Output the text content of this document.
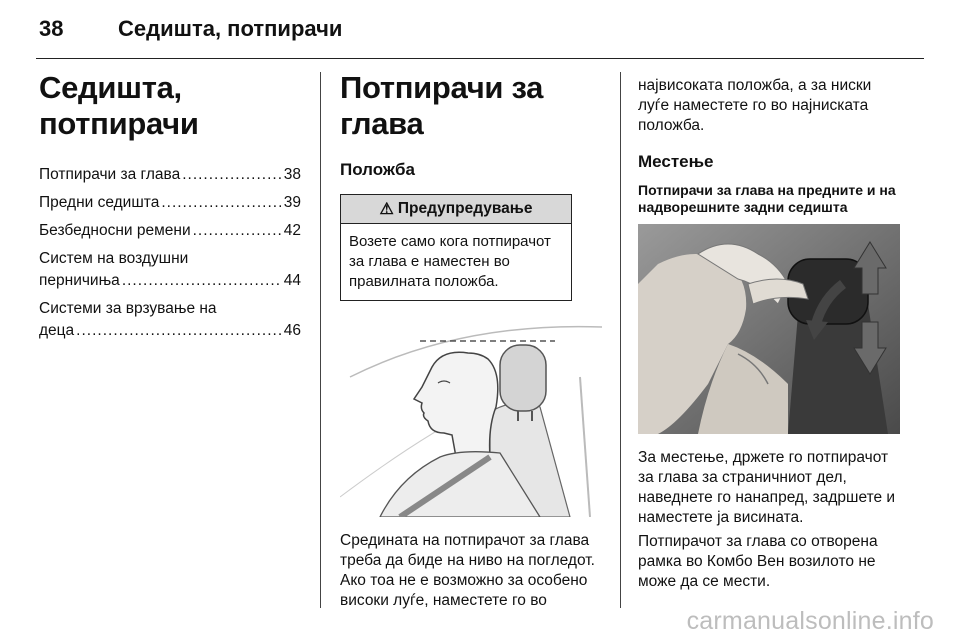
38 Седишта, потпирачи
Седишта, потпирачи
Потпирачи за глава .....	38
Предни седишта .....	39
Безбедносни ремени .....	42
Систем на воздушни
перничиња .....	44
Системи за врзување на
деца .....	46
Потпирачи за глава
Положба
⚠ Предупредување
Возете само кога потпирачот за глава е наместен во правилната положба.

Средината на потпирачот за глава треба да биде на ниво на погледот. Ако тоа не е возможно за особено високи луѓе, наместете го во

највисоката положба, а за ниски луѓе наместете го во најниската положба.

Местење

Потпирачи за глава на предните и на надворешните задни седишта

За местење, држете го потпирачот за глава за страничниот дел, наведнете го нанапред, задршете и наместете ја висината.

Потпирачот за глава со отворена рамка во Комбо Вен возилото не може да се мести.

carmanualsonline.info
